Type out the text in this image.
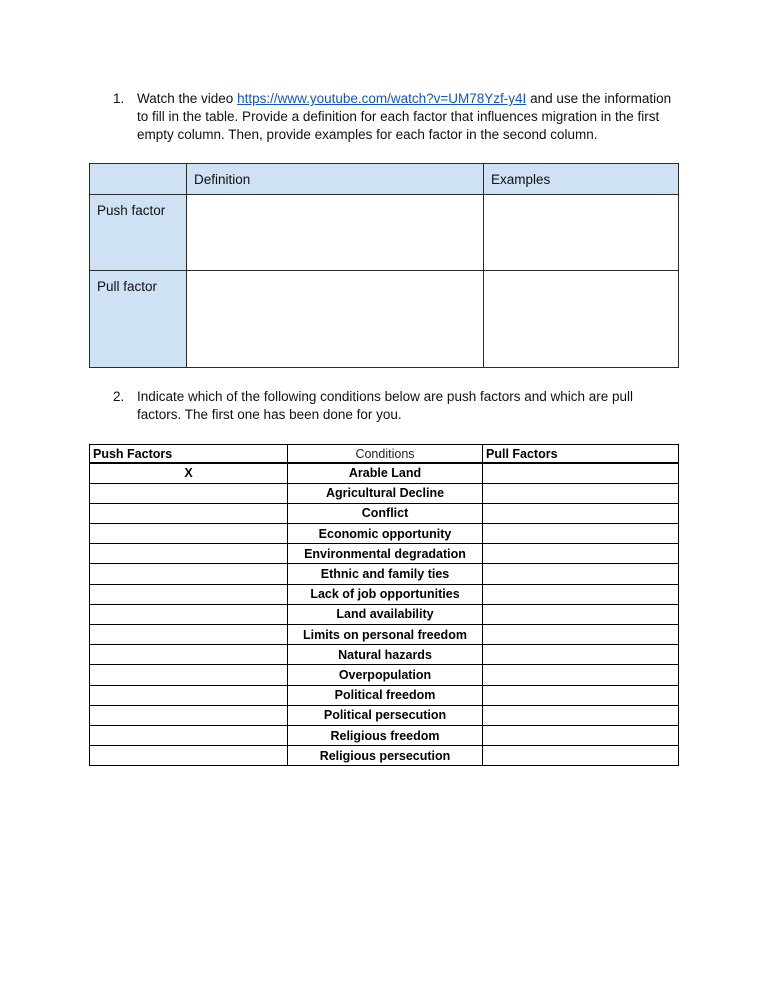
1. Watch the video https://www.youtube.com/watch?v=UM78Yzf-y4I and use the information to fill in the table. Provide a definition for each factor that influences migration in the first empty column. Then, provide examples for each factor in the second column.
	Definition	Examples
Push factor		
Pull factor		
2. Indicate which of the following conditions below are push factors and which are pull factors. The first one has been done for you.
Push Factors	Conditions	Pull Factors
X	Arable Land	
	Agricultural Decline	
	Conflict	
	Economic opportunity	
	Environmental degradation	
	Ethnic and family ties	
	Lack of job opportunities	
	Land availability	
	Limits on personal freedom	
	Natural hazards	
	Overpopulation	
	Political freedom	
	Political persecution	
	Religious freedom	
	Religious persecution	
